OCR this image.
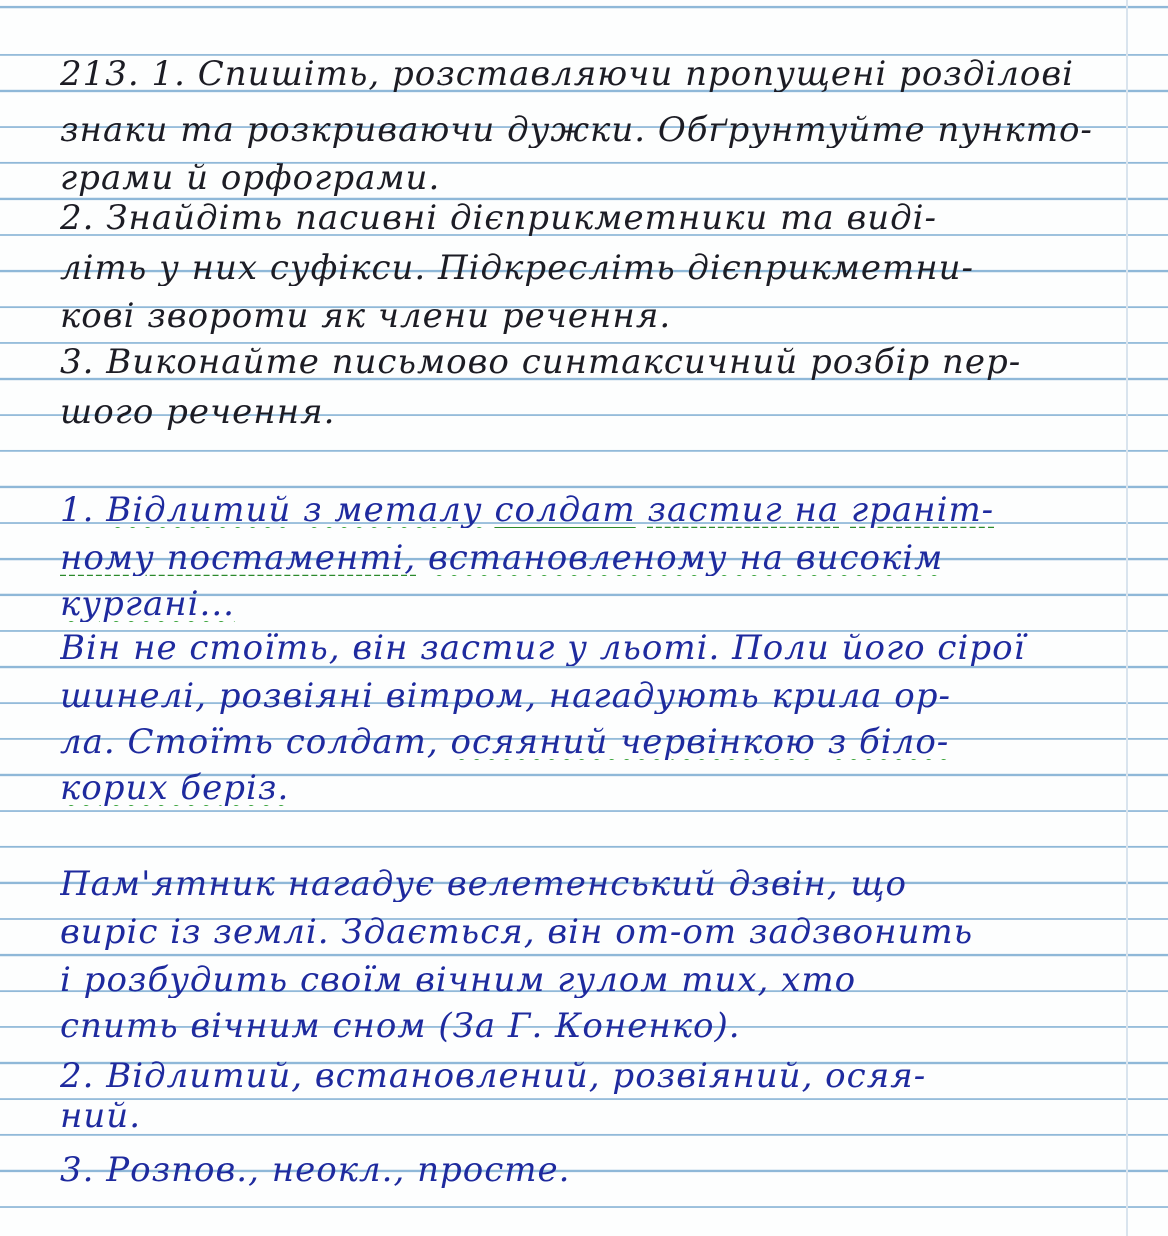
213. 1. Спишіть, розставляючи пропущені розділові
знаки та розкриваючи дужки. Обґрунтуйте пункто-
грами й орфограми.
2. Знайдіть пасивні дієприкметники та виді-
літь у них суфікси. Підкресліть дієприкметни-
кові звороти як члени речення.
3. Виконайте письмово синтаксичний розбір пер-
шого речення.
1. Відлитий з металу солдат застиг на граніт-
ному постаменті, встановленому на високім
кургані...
Він не стоїть, він застиг у льоті. Поли його сірої
шинелі, розвіяні вітром, нагадують крила ор-
ла. Стоїть солдат, осяяний червінкою з біло-
корих беріз.
Пам'ятник нагадує велетенський дзвін, що
виріс із землі. Здається, він от-от задзвонить
і розбудить своїм вічним гулом тих, хто
спить вічним сном (За Г. Коненко).
2. Відлитий, встановлений, розвіяний, осяя-
ний.
3. Розпов., неокл., просте.
